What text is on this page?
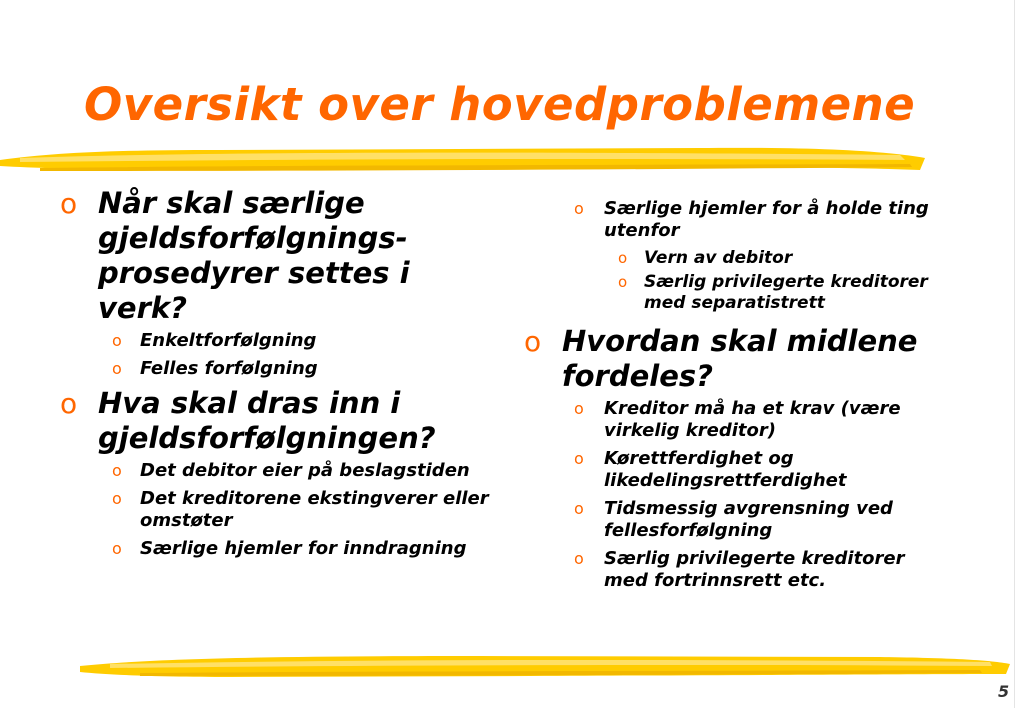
Oversikt over hovedproblemene
o Når skal særlige gjeldsforfølgnings-prosedyrer settes i verk?
o Enkeltforfølgning
o Felles forfølgning
o Hva skal dras inn i gjeldsforfølgningen?
o Det debitor eier på beslagstiden
o Det kreditorene ekstingverer eller omstøter
o Særlige hjemler for inndragning
o Særlige hjemler for å holde ting utenfor
o Vern av debitor
o Særlig privilegerte kreditorer med separatistrett
o Hvordan skal midlene fordeles?
o Kreditor må ha et krav (være virkelig kreditor)
o Kørettferdighet og likedelingsrettferdighet
o Tidsmessig avgrensning ved fellesforfølgning
o Særlig privilegerte kreditorer med fortrinnsrett etc.
5
